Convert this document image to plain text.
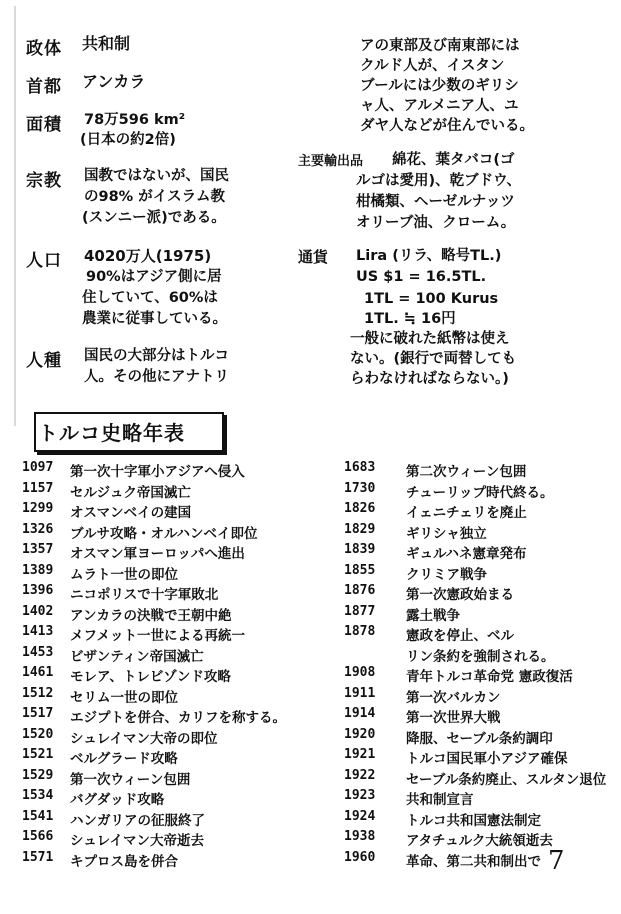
政体 共和制
首都 アンカラ
面積 78万596 km²
(日本の約2倍)
宗教 国教ではないが、国民
の98% がイスラム教
(スンニー派)である。
人口 4020万人(1975)
90%はアジア側に居
住していて、60%は
農業に従事している。
人種 国民の大部分はトルコ
人。その他にアナトリ
アの東部及び南東部には
クルド人が、イスタン
ブールには少数のギリシ
ャ人、アルメニア人、ユ
ダヤ人などが住んでいる。
主要輸出品 綿花、葉タバコ(ゴ
ルゴは愛用)、乾ブドウ、
柑橘類、ヘーゼルナッツ
オリーブ油、クローム。
通貨 Lira (リラ、略号TL.)
US $1 = 16.5TL.
1TL = 100 Kurus
1TL. ≒ 16円
一般に破れた紙幣は使え
ない。(銀行で両替しても
らわなければならない。)
トルコ史略年表
1097	第一次十字軍小アジアへ侵入
1157	セルジュク帝国滅亡
1299	オスマンベイの建国
1326	ブルサ攻略・オルハンベイ即位
1357	オスマン軍ヨーロッパへ進出
1389	ムラト一世の即位
1396	ニコポリスで十字軍敗北
1402	アンカラの決戦で王朝中絶
1413	メフメット一世による再統一
1453	ビザンティン帝国滅亡
1461	モレア、トレビゾンド攻略
1512	セリム一世の即位
1517	エジプトを併合、カリフを称する。
1520	シュレイマン大帝の即位
1521	ベルグラード攻略
1529	第一次ウィーン包囲
1534	バグダッド攻略
1541	ハンガリアの征服終了
1566	シュレイマン大帝逝去
1571	キプロス島を併合
1683	第二次ウィーン包囲
1730	チューリップ時代終る。
1826	イェニチェリを廃止
1829	ギリシャ独立
1839	ギュルハネ憲章発布
1855	クリミア戦争
1876	第一次憲政始まる
1877	露土戦争
1878	憲政を停止、ベル
リン条約を強制される。
1908	青年トルコ革命党 憲政復活
1911	第一次バルカン
1914	第一次世界大戦
1920	降服、セーブル条約調印
1921	トルコ国民軍小アジア確保
1922	セーブル条約廃止、スルタン退位
1923	共和制宣言
1924	トルコ共和国憲法制定
1938	アタチュルク大統領逝去
1960	革命、第二共和制出で 7
